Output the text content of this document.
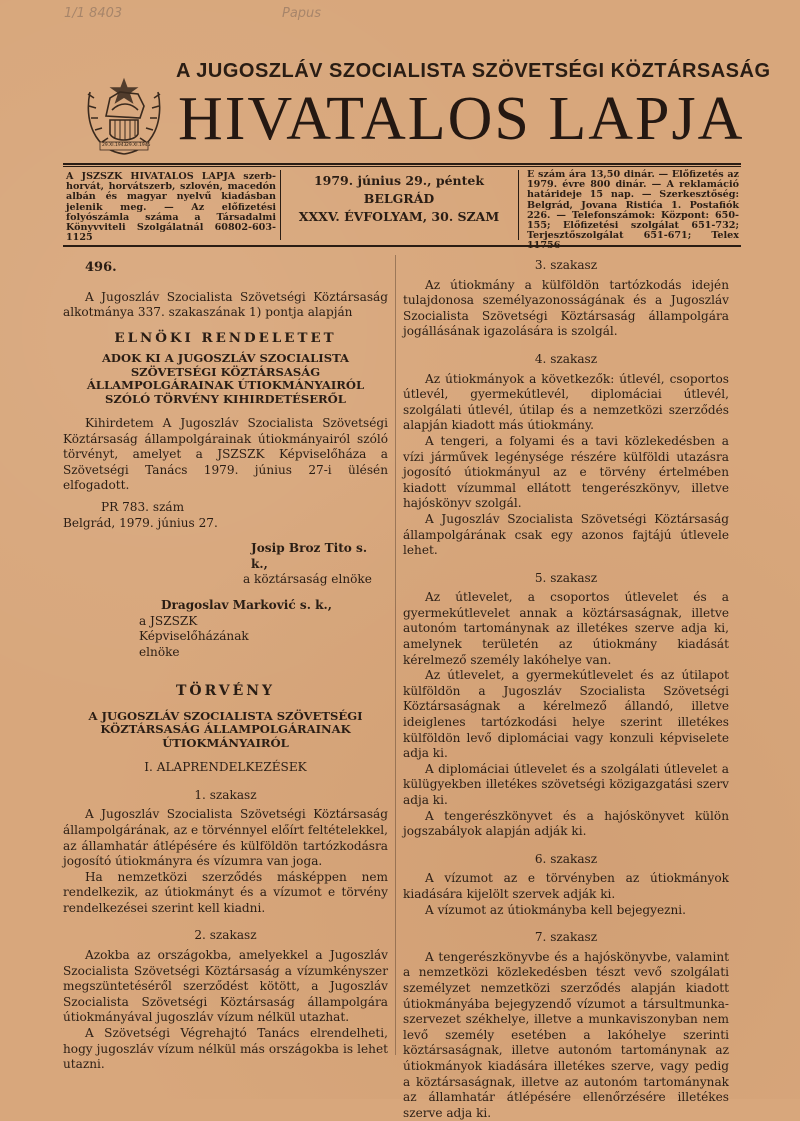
1/1 8403	Papus
29.XI.1943 29.XI.1945
A JUGOSZLÁV SZOCIALISTA SZÖVETSÉGI KÖZTÁRSASÁG
HIVATALOS LAPJA
A JSZSZK HIVATALOS LAPJA szerb-horvát, horvátszerb, szlovén, macedón albán és magyar nyelvű kiadásban jelenik meg. — Az előfizetési folyószámla száma a Társadalmi Könyvviteli Szolgálatnál 60802-603-1125
1979. június 29., péntek
BELGRÁD
XXXV. ÉVFOLYAM, 30. SZAM
E szám ára 13,50 dinár. — Előfizetés az 1979. évre 800 dinár. — A reklamáció határideje 15 nap. — Szerkesztőség: Belgrád, Jovana Ristića 1. Postafiók 226. — Telefonszámok: Központ: 650-155; Előfizetési szolgálat 651-732; Terjesztőszolgálat 651-671; Telex 11756

496.

A Jugoszláv Szocialista Szövetségi Köztársaság alkotmánya 337. szakaszának 1) pontja alapján

ELNÖKI RENDELETET

ADOK KI A JUGOSZLÁV SZOCIALISTA SZÖVETSÉGI KÖZTÁRSASÁG ÁLLAMPOLGÁRAINAK ÚTIOKMÁNYAIRÓL SZÓLÓ TÖRVÉNY KIHIRDETÉSERŐL

Kihirdetem A Jugoszláv Szocialista Szövetségi Köztársaság állampolgárainak útiokmányairól szóló törvényt, amelyet a JSZSZK Képviselőháza a Szövetségi Tanács 1979. június 27-i ülésén elfogadott.

PR 783. szám

Belgrád, 1979. június 27.

Josip Broz Tito s. k.,

a köztársaság elnöke

Dragoslav Marković s. k.,

a JSZSZK Képviselőházának elnöke

TÖRVÉNY

A JUGOSZLÁV SZOCIALISTA SZÖVETSÉGI KÖZTÁRSASÁG ÁLLAMPOLGÁRAINAK ÚTIOKMÁNYAIRÓL

I. ALAPRENDELKEZÉSEK

1. szakasz

A Jugoszláv Szocialista Szövetségi Köztársaság állampolgárának, az e törvénnyel előírt feltételekkel, az államhatár átlépésére és külföldön tartózkodásra jogosító útiokmányra és vízumra van joga.

Ha nemzetközi szerződés másképpen nem rendelkezik, az útiokmányt és a vízumot e törvény rendelkezései szerint kell kiadni.

2. szakasz

Azokba az országokba, amelyekkel a Jugoszláv Szocialista Szövetségi Köztársaság a vízumkényszer megszüntetéséről szerződést kötött, a Jugoszláv Szocialista Szövetségi Köztársaság állampolgára útiokmányával jugoszláv vízum nélkül utazhat.

A Szövetségi Végrehajtó Tanács elrendelheti, hogy jugoszláv vízum nélkül más országokba is lehet utazni.

3. szakasz

Az útiokmány a külföldön tartózkodás idején tulajdonosa személyazonosságának és a Jugoszláv Szocialista Szövetségi Köztársaság állampolgára jogállásának igazolására is szolgál.

4. szakasz

Az útiokmányok a következők: útlevél, csoportos útlevél, gyermekútlevél, diplomáciai útlevél, szolgálati útlevél, útilap és a nemzetközi szerződés alapján kiadott más útiokmány.

A tengeri, a folyami és a tavi közlekedésben a vízi járművek legénysége részére külföldi utazásra jogosító útiokmányul az e törvény értelmében kiadott vízummal ellátott tengerészkönyv, illetve hajóskönyv szolgál.

A Jugoszláv Szocialista Szövetségi Köztársaság állampolgárának csak egy azonos fajtájú útlevele lehet.

5. szakasz

Az útlevelet, a csoportos útlevelet és a gyermekútlevelet annak a köztársaságnak, illetve autonóm tartománynak az illetékes szerve adja ki, amelynek területén az útiokmány kiadását kérelmező személy lakóhelye van.

Az útlevelet, a gyermekútlevelet és az útilapot külföldön a Jugoszláv Szocialista Szövetségi Köztársaságnak a kérelmező állandó, illetve ideiglenes tartózkodási helye szerint illetékes külföldön levő diplomáciai vagy konzuli képviselete adja ki.

A diplomáciai útlevelet és a szolgálati útlevelet a külügyekben illetékes szövetségi közigazgatási szerv adja ki.

A tengerészkönyvet és a hajóskönyvet külön jogszabályok alapján adják ki.

6. szakasz

A vízumot az e törvényben az útiokmányok kiadására kijelölt szervek adják ki.

A vízumot az útiokmányba kell bejegyezni.

7. szakasz

A tengerészkönyvbe és a hajóskönyvbe, valamint a nemzetközi közlekedésben tészt vevő szolgálati személyzet nemzetközi szerződés alapján kiadott útiokmányába bejegyzendő vízumot a társultmunka-szervezet székhelye, illetve a munkaviszonyban nem levő személy esetében a lakóhelye szerinti köztársaságnak, illetve autonóm tartománynak az útiokmányok kiadására illetékes szerve, vagy pedig a köztársaságnak, illetve az autonóm tartománynak az államhatár átlépésére ellenőrzésére illetékes szerve adja ki.
